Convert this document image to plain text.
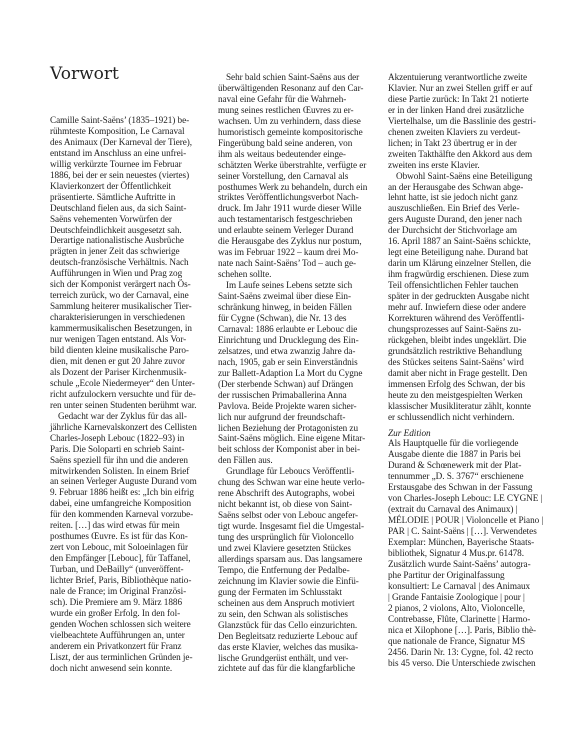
Vorwort
Camille Saint-Saëns’ (1835–1921) be-
rühmteste Komposition, Le Carnaval
des Animaux (Der Karneval der Tiere),
entstand im Anschluss an eine unfrei-
willig verkürzte Tournee im Februar
1886, bei der er sein neuestes (viertes)
Klavierkonzert der Öffentlichkeit
präsentierte. Sämtliche Auftritte in
Deutschland fielen aus, da sich Saint-
Saëns vehementen Vorwürfen der
Deutschfeindlichkeit ausgesetzt sah.
Derartige nationalistische Ausbrüche
prägten in jener Zeit das schwierige
deutsch-französische Verhältnis. Nach
Aufführungen in Wien und Prag zog
sich der Komponist verärgert nach Ös-
terreich zurück, wo der Carnaval, eine
Sammlung heiterer musikalischer Tier-
charakterisierungen in verschiedenen
kammermusikalischen Besetzungen, in
nur wenigen Tagen entstand. Als Vor-
bild dienten kleine musikalische Paro-
dien, mit denen er gut 20 Jahre zuvor
als Dozent der Pariser Kirchenmusik-
schule „Ecole Niedermeyer“ den Unter-
richt aufzulockern versuchte und für de-
ren unter seinen Studenten berühmt war.
Gedacht war der Zyklus für das all-
jährliche Karnevalskonzert des Cellisten
Charles-Joseph Lebouc (1822–93) in
Paris. Die Soloparti en schrieb Saint-
Saëns speziell für ihn und die anderen
mitwirkenden Solisten. In einem Brief
an seinen Verleger Auguste Durand vom
9. Februar 1886 heißt es: „Ich bin eifrig
dabei, eine umfangreiche Komposition
für den kommenden Karneval vorzube-
reiten. […] das wird etwas für mein
posthumes Œuvre. Es ist für das Kon-
zert von Lebouc, mit Soloeinlagen für
den Empfänger [Lebouc], für Taffanel,
Turban, und DeBailly“ (unveröffent-
lichter Brief, Paris, Bibliothèque natio-
nale de France; im Original Französi-
sch). Die Premiere am 9. März 1886
wurde ein großer Erfolg. In den fol-
genden Wochen schlossen sich weitere
vielbeachtete Aufführungen an, unter
anderem ein Privatkonzert für Franz
Liszt, der aus terminlichen Gründen je-
doch nicht anwesend sein konnte.
Sehr bald schien Saint-Saëns aus der
überwältigenden Resonanz auf den Car-
naval eine Gefahr für die Wahrneh-
mung seines restlichen Œuvres zu er-
wachsen. Um zu verhindern, dass diese
humoristisch gemeinte kompositorische
Fingerübung bald seine anderen, von
ihm als weitaus bedeutender einge-
schätzten Werke überstrahlte, verfügte er
seiner Vorstellung, den Carnaval als
posthumes Werk zu behandeln, durch ein
striktes Veröffentlichungsverbot Nach-
druck. Im Jahr 1911 wurde dieser Wille
auch testamentarisch festgeschrieben
und erlaubte seinem Verleger Durand
die Herausgabe des Zyklus nur postum,
was im Februar 1922 – kaum drei Mo-
nate nach Saint-Saëns’ Tod – auch ge-
schehen sollte.
Im Laufe seines Lebens setzte sich
Saint-Saëns zweimal über diese Ein-
schränkung hinweg, in beiden Fällen
für Cygne (Schwan), die Nr. 13 des
Carnaval: 1886 erlaubte er Lebouc die
Einrichtung und Drucklegung des Ein-
zelsatzes, und etwa zwanzig Jahre da-
nach, 1905, gab er sein Einverständnis
zur Ballett-Adaption La Mort du Cygne
(Der sterbende Schwan) auf Drängen
der russischen Primaballerina Anna
Pavlova. Beide Projekte waren sicher-
lich nur aufgrund der freundschaft-
lichen Beziehung der Protagonisten zu
Saint-Saëns möglich. Eine eigene Mitar-
beit schloss der Komponist aber in bei-
den Fällen aus.
Grundlage für Leboucs Veröffentli-
chung des Schwan war eine heute verlo-
rene Abschrift des Autographs, wobei
nicht bekannt ist, ob diese von Saint-
Saëns selbst oder von Lebouc angefer-
tigt wurde. Insgesamt fiel die Umgestal-
tung des ursprünglich für Violoncello
und zwei Klaviere gesetzten Stückes
allerdings sparsam aus. Das langsamere
Tempo, die Entfernung der Pedalbe-
zeichnung im Klavier sowie die Einfü-
gung der Fermaten im Schlusstakt
scheinen aus dem Anspruch motiviert
zu sein, den Schwan als solistisches
Glanzstück für das Cello einzurichten.
Den Begleitsatz reduzierte Lebouc auf
das erste Klavier, welches das musika-
lische Grundgerüst enthält, und ver-
zichtete auf das für die klangfarbliche
Akzentuierung verantwortliche zweite
Klavier. Nur an zwei Stellen griff er auf
diese Partie zurück: In Takt 21 notierte
er in der linken Hand drei zusätzliche
Viertelhalse, um die Basslinie des gestri-
chenen zweiten Klaviers zu verdeut-
lichen; in Takt 23 übertrug er in der
zweiten Takthälfte den Akkord aus dem
zweiten ins erste Klavier.
Obwohl Saint-Saëns eine Beteiligung
an der Herausgabe des Schwan abge-
lehnt hatte, ist sie jedoch nicht ganz
auszuschließen. Ein Brief des Verle-
gers Auguste Durand, den jener nach
der Durchsicht der Stichvorlage am
16. April 1887 an Saint-Saëns schickte,
legt eine Beteiligung nahe. Durand bat
darin um Klärung einzelner Stellen, die
ihm fragwürdig erschienen. Diese zum
Teil offensichtlichen Fehler tauchen
später in der gedruckten Ausgabe nicht
mehr auf. Inwiefern diese oder andere
Korrekturen während des Veröffentli-
chungsprozesses auf Saint-Saëns zu-
rückgehen, bleibt indes ungeklärt. Die
grundsätzlich restriktive Behandlung
des Stückes seitens Saint-Saëns’ wird
damit aber nicht in Frage gestellt. Den
immensen Erfolg des Schwan, der bis
heute zu den meistgespielten Werken
klassischer Musikliteratur zählt, konnte
er schlussendlich nicht verhindern.
Zur Edition
Als Hauptquelle für die vorliegende
Ausgabe diente die 1887 in Paris bei
Durand & Schœnewerk mit der Plat-
tennummer „D. S. 3767“ erschienene
Erstausgabe des Schwan in der Fassung
von Charles-Joseph Lebouc: LE CYGNE |
(extrait du Carnaval des Animaux) |
MÉLODIE | POUR | Violoncelle et Piano |
PAR | C. Saint-Saëns | […]. Verwendetes
Exemplar: München, Bayerische Staats-
bibliothek, Signatur 4 Mus.pr. 61478.
Zusätzlich wurde Saint-Saëns’ autogra-
phe Partitur der Originalfassung
konsultiert: Le Carnaval | des Animaux
| Grande Fantaisie Zoologique | pour |
2 pianos, 2 violons, Alto, Violoncelle,
Contrebasse, Flûte, Clarinette | Harmo-
nica et Xilophone […]. Paris, Biblio thè-
que nationale de France, Signatur MS
2456. Darin Nr. 13: Cygne, fol. 42 recto
bis 45 verso. Die Unterschiede zwischen
